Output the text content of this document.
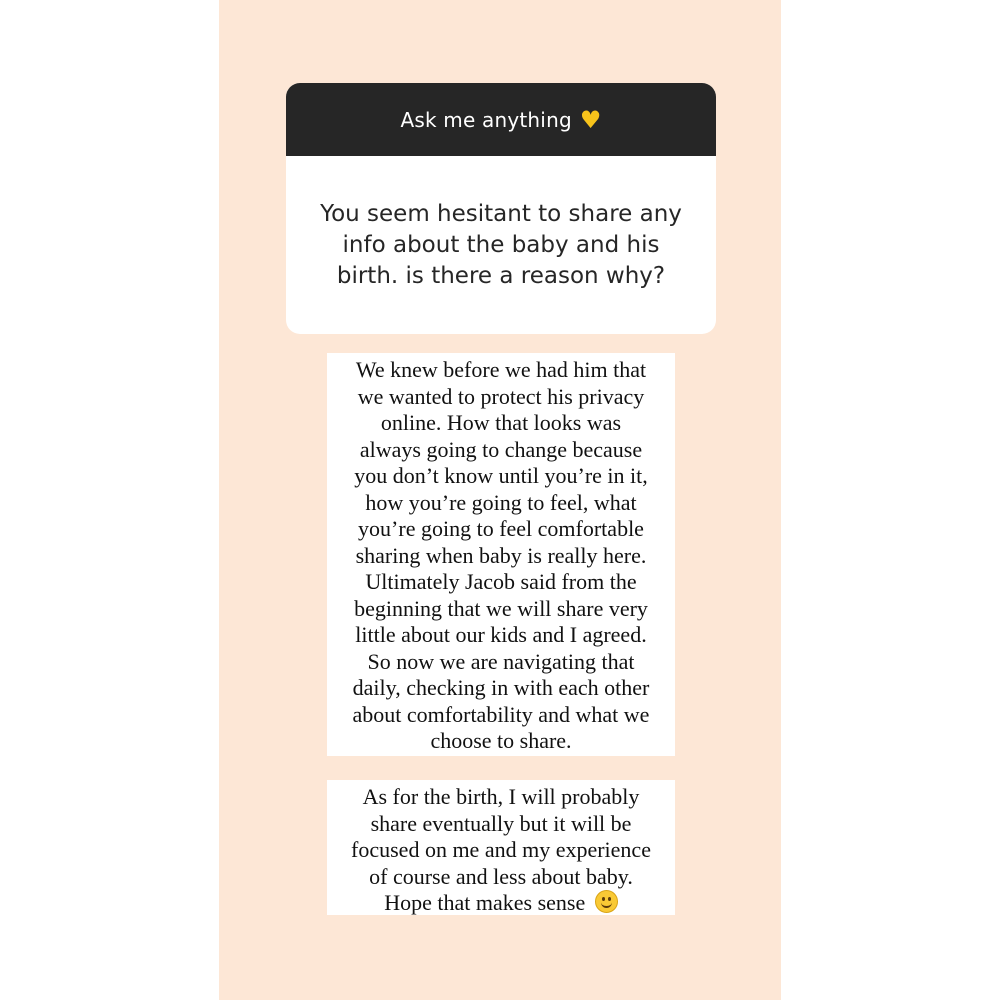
Ask me anything ♥
You seem hesitant to share any info about the baby and his birth. is there a reason why?
We knew before we had him that
we wanted to protect his privacy
online. How that looks was
always going to change because
you don’t know until you’re in it,
how you’re going to feel, what
you’re going to feel comfortable
sharing when baby is really here.
Ultimately Jacob said from the
beginning that we will share very
little about our kids and I agreed.
So now we are navigating that
daily, checking in with each other
about comfortability and what we
choose to share.
As for the birth, I will probably
share eventually but it will be
focused on me and my experience
of course and less about baby.
Hope that makes sense
